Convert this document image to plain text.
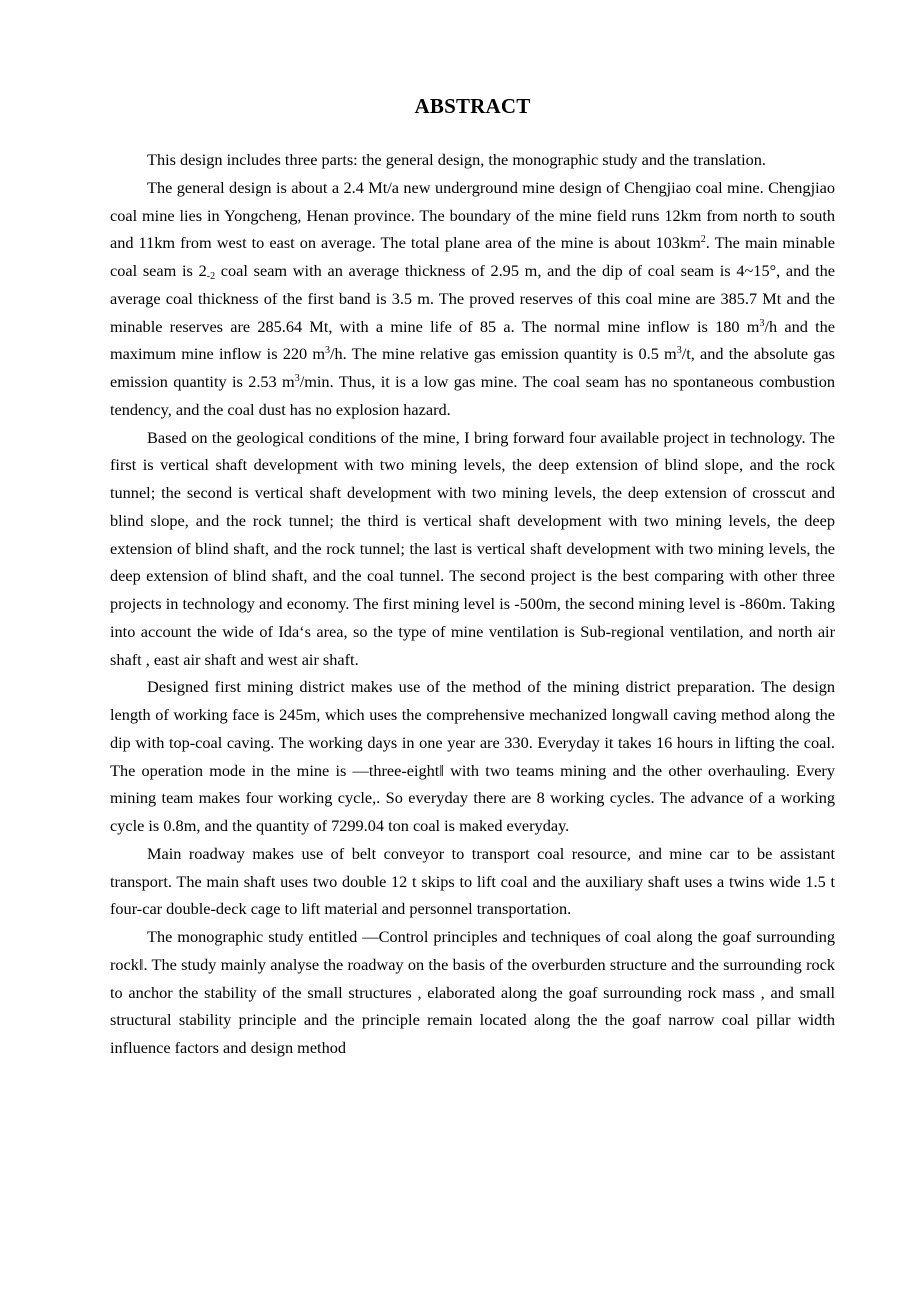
ABSTRACT

This design includes three parts: the general design, the monographic study and the translation.

The general design is about a 2.4 Mt/a new underground mine design of Chengjiao coal mine. Chengjiao coal mine lies in Yongcheng, Henan province. The boundary of the mine field runs 12km from north to south and 11km from west to east on average. The total plane area of the mine is about $103km^2$. The main minable coal seam is $2_{-2}$ coal seam with an average thickness of 2.95 m, and the dip of coal seam is 4~15°, and the average coal thickness of the first band is 3.5 m. The proved reserves of this coal mine are 385.7 Mt and the minable reserves are 285.64 Mt, with a mine life of 85 a. The normal mine inflow is 180 $m^3/h$ and the maximum mine inflow is 220 $m^3/h$. The mine relative gas emission quantity is 0.5 $m^3/t$, and the absolute gas emission quantity is 2.53 $m^3/\min$. Thus, it is a low gas mine. The coal seam has no spontaneous combustion tendency, and the coal dust has no explosion hazard.

Based on the geological conditions of the mine, I bring forward four available project in technology. The first is vertical shaft development with two mining levels, the deep extension of blind slope, and the rock tunnel; the second is vertical shaft development with two mining levels, the deep extension of crosscut and blind slope, and the rock tunnel; the third is vertical shaft development with two mining levels, the deep extension of blind shaft, and the rock tunnel; the last is vertical shaft development with two mining levels, the deep extension of blind shaft, and the coal tunnel. The second project is the best comparing with other three projects in technology and economy. The first mining level is -500m, the second mining level is -860m. Taking into account the wide of Ida‘s area, so the type of mine ventilation is Sub-regional ventilation, and north air shaft , east air shaft and west air shaft.

Designed first mining district makes use of the method of the mining district preparation. The design length of working face is 245m, which uses the comprehensive mechanized longwall caving method along the dip with top-coal caving. The working days in one year are 330. Everyday it takes 16 hours in lifting the coal. The operation mode in the mine is ―three-eight‖ with two teams mining and the other overhauling. Every mining team makes four working cycle,. So everyday there are 8 working cycles. The advance of a working cycle is 0.8m, and the quantity of 7299.04 ton coal is maked everyday.

Main roadway makes use of belt conveyor to transport coal resource, and mine car to be assistant transport. The main shaft uses two double 12 t skips to lift coal and the auxiliary shaft uses a twins wide 1.5 t four-car double-deck cage to lift material and personnel transportation.

The monographic study entitled ―Control principles and techniques of coal along the goaf surrounding rock‖. The study mainly analyse the roadway on the basis of the overburden structure and the surrounding rock to anchor the stability of the small structures , elaborated along the goaf surrounding rock mass , and small structural stability principle and the principle remain located along the the goaf narrow coal pillar width influence factors and design method
